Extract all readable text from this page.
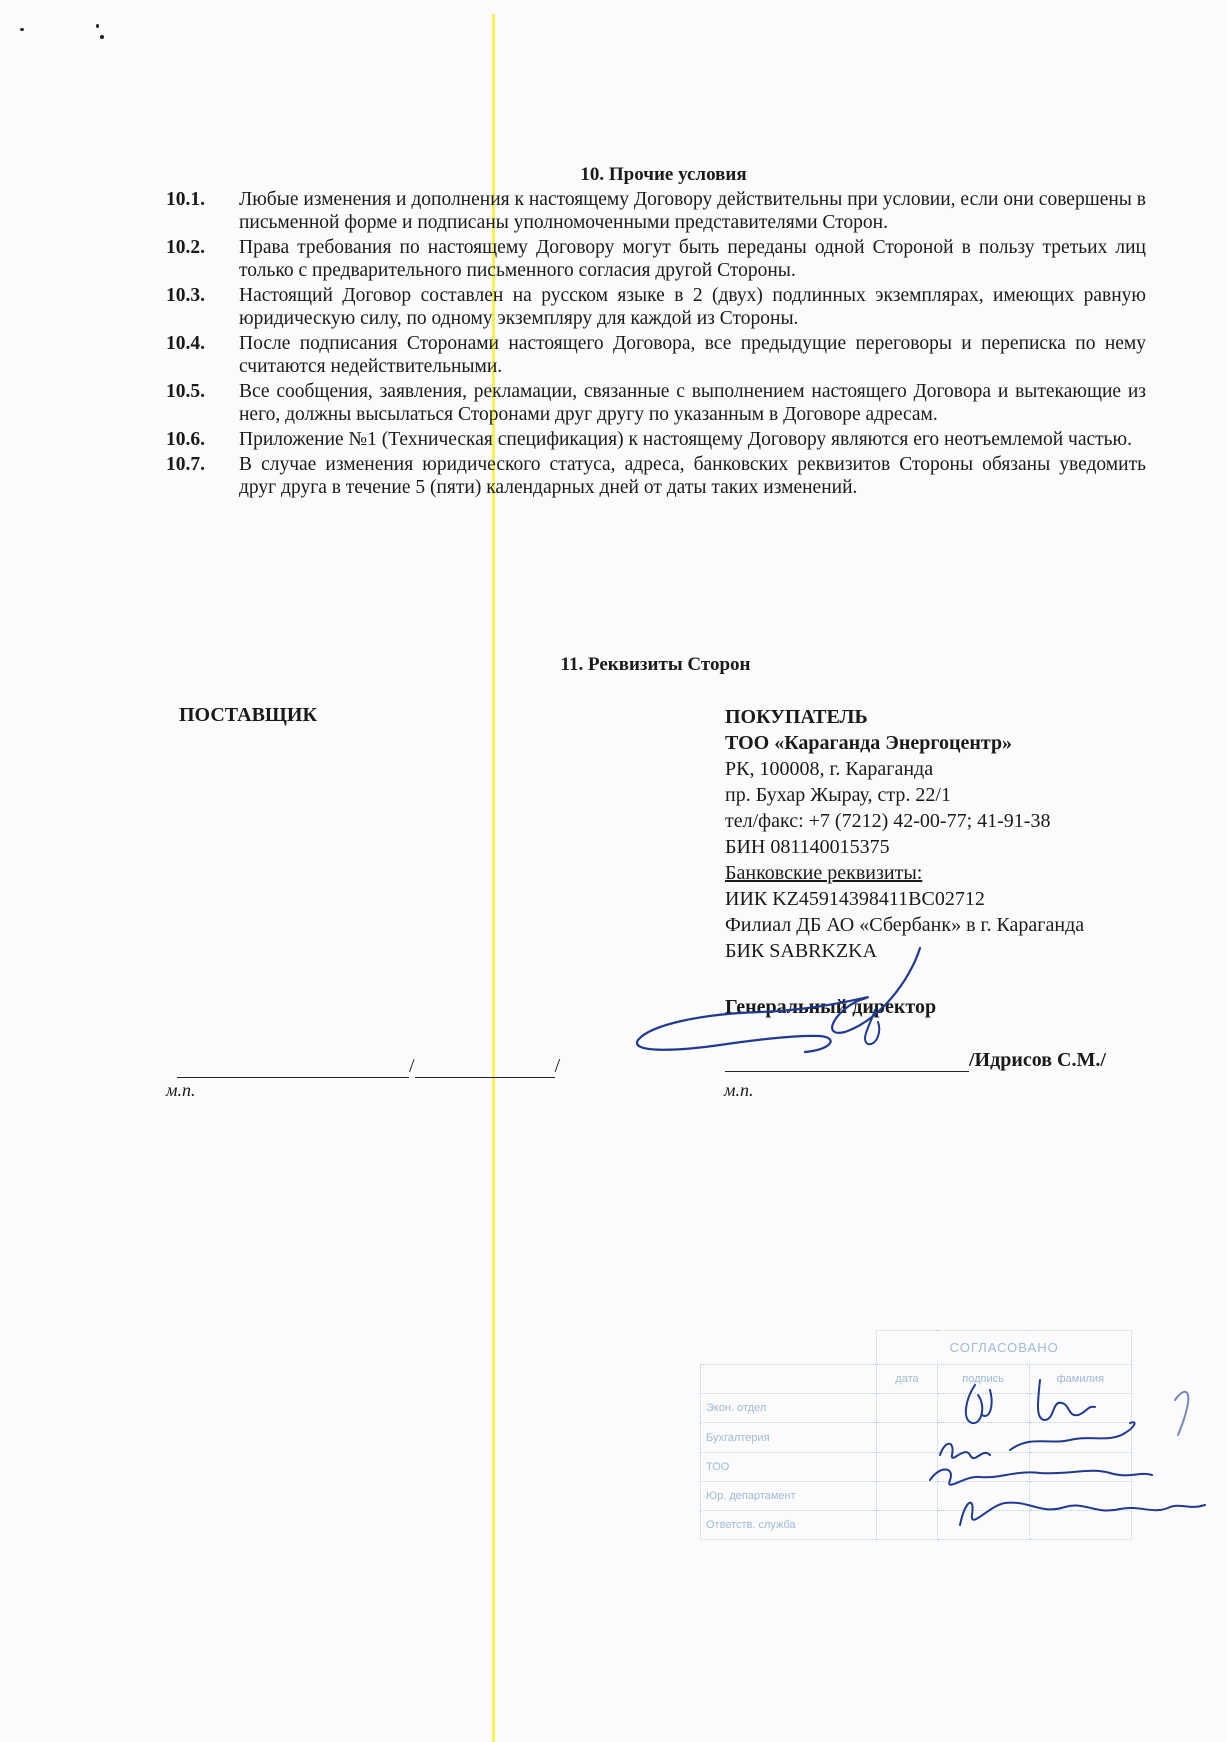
10. Прочие условия
10.1.	Любые изменения и дополнения к настоящему Договору действительны при условии, если они совершены в письменной форме и подписаны уполномоченными представителями Сторон.
10.2.	Права требования по настоящему Договору могут быть переданы одной Стороной в пользу третьих лиц только с предварительного письменного согласия другой Стороны.
10.3.	Настоящий Договор составлен на русском языке в 2 (двух) подлинных экземплярах, имеющих равную юридическую силу, по одному экземпляру для каждой из Стороны.
10.4.	После подписания Сторонами настоящего Договора, все предыдущие переговоры и переписка по нему считаются недействительными.
10.5.	Все сообщения, заявления, рекламации, связанные с выполнением настоящего Договора и вытекающие из него, должны высылаться Сторонами друг другу по указанным в Договоре адресам.
10.6.	Приложение №1 (Техническая спецификация) к настоящему Договору являются его неотъемлемой частью.
10.7.	В случае изменения юридического статуса, адреса, банковских реквизитов Стороны обязаны уведомить друг друга в течение 5 (пяти) календарных дней от даты таких изменений.
11. Реквизиты Сторон
ПОСТАВЩИК	ПОКУПАТЕЛЬ
ТОО «Караганда Энергоцентр»
РК, 100008, г. Караганда
пр. Бухар Жырау, стр. 22/1
тел/факс: +7 (7212) 42-00-77; 41-91-38
БИН 081140015375
Банковские реквизиты:
ИИК KZ45914398411BC02712
Филиал ДБ АО «Сбербанк» в г. Караганда
БИК SABRKZKA
Генеральный директор
/	/	/Идрисов С.М./
м.п.	м.п.
	СОГЛАСОВАНО		
	дата	подпись	фамилия
Экон. отдел			
Бухгалтерия			
ТОО			
Юр. департамент			
Ответств. служба			
